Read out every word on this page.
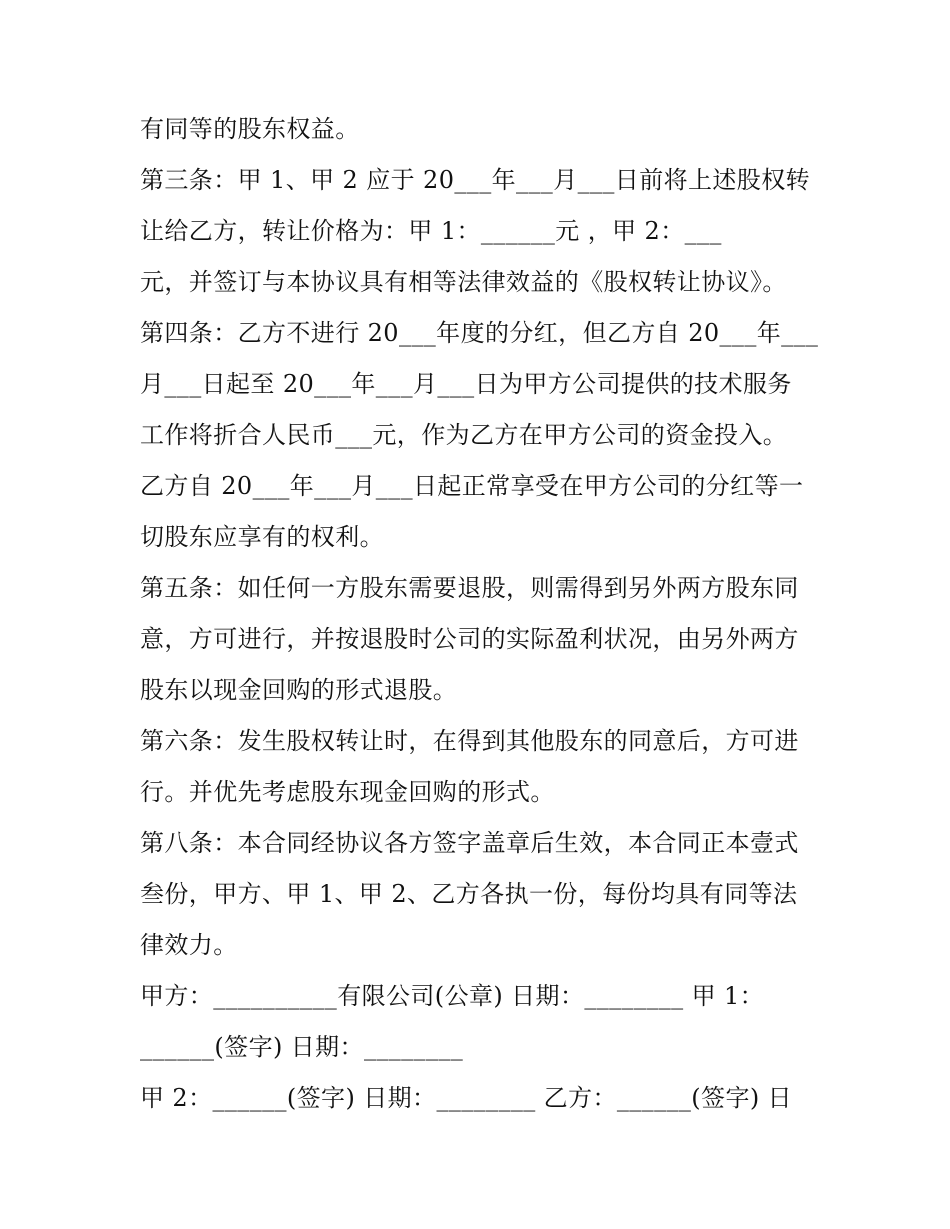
有同等的股东权益。
第三条：甲 1、甲 2 应于 20___年___月___日前将上述股权转
让给乙方，转让价格为：甲 1：______元 ，甲 2：___
元，并签订与本协议具有相等法律效益的《股权转让协议》。
第四条：乙方不进行 20___年度的分红，但乙方自 20___年___
月___日起至 20___年___月___日为甲方公司提供的技术服务
工作将折合人民币___元，作为乙方在甲方公司的资金投入。
乙方自 20___年___月___日起正常享受在甲方公司的分红等一
切股东应享有的权利。
第五条：如任何一方股东需要退股，则需得到另外两方股东同
意，方可进行，并按退股时公司的实际盈利状况，由另外两方
股东以现金回购的形式退股。
第六条：发生股权转让时，在得到其他股东的同意后，方可进
行。并优先考虑股东现金回购的形式。
第八条：本合同经协议各方签字盖章后生效，本合同正本壹式
叁份，甲方、甲 1、甲 2、乙方各执一份，每份均具有同等法
律效力。
甲方：__________有限公司(公章) 日期：________ 甲 1：
______(签字) 日期：________
甲 2：______(签字) 日期：________ 乙方：______(签字) 日
